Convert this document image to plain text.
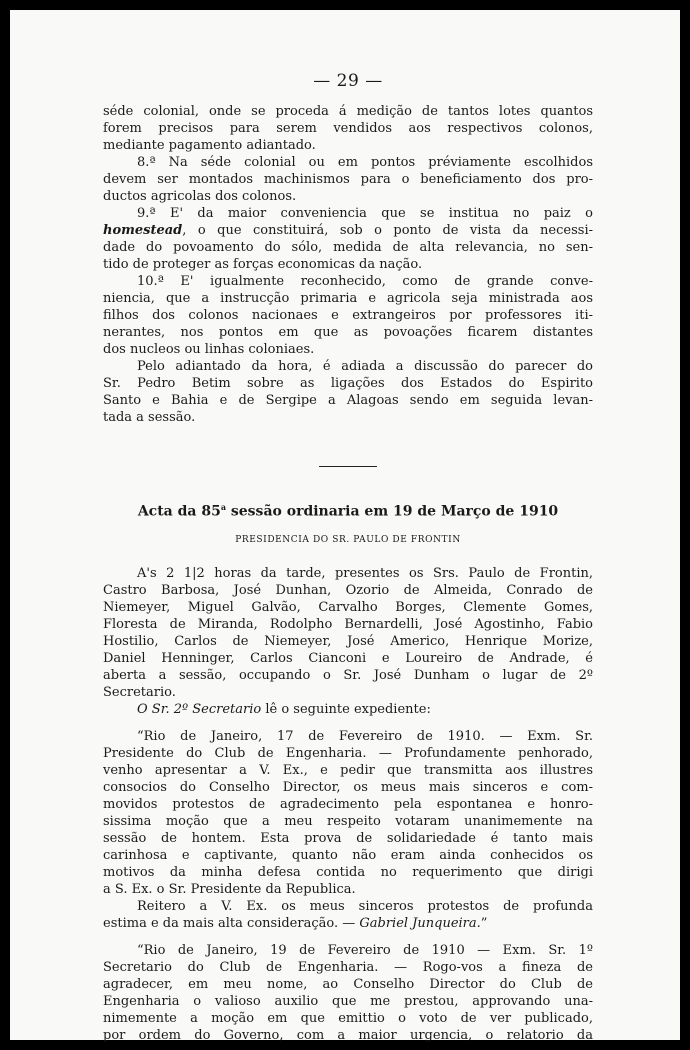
— 29 —
séde colonial, onde se proceda á medição de tantos lotes quantos
forem precisos para serem vendidos aos respectivos colonos,
mediante pagamento adiantado.
8.ª Na séde colonial ou em pontos préviamente escolhidos
devem ser montados machinismos para o beneficiamento dos pro-
ductos agricolas dos colonos.
9.ª E' da maior conveniencia que se institua no paiz o
homestead, o que constituirá, sob o ponto de vista da necessi-
dade do povoamento do sólo, medida de alta relevancia, no sen-
tido de proteger as forças economicas da nação.
10.ª E' igualmente reconhecido, como de grande conve-
niencia, que a instrucção primaria e agricola seja ministrada aos
filhos dos colonos nacionaes e extrangeiros por professores iti-
nerantes, nos pontos em que as povoações ficarem distantes
dos nucleos ou linhas coloniaes.
Pelo adiantado da hora, é adiada a discussão do parecer do
Sr. Pedro Betim sobre as ligações dos Estados do Espirito
Santo e Bahia e de Sergipe a Alagoas sendo em seguida levan-
tada a sessão.
Acta da 85$^a$ sessão ordinaria em 19 de Março de 1910
PRESIDENCIA DO SR. PAULO DE FRONTIN
A's 2 1|2 horas da tarde, presentes os Srs. Paulo de Frontin,
Castro Barbosa, José Dunhan, Ozorio de Almeida, Conrado de
Niemeyer, Miguel Galvão, Carvalho Borges, Clemente Gomes,
Floresta de Miranda, Rodolpho Bernardelli, José Agostinho, Fabio
Hostilio, Carlos de Niemeyer, José Americo, Henrique Morize,
Daniel Henninger, Carlos Cianconi e Loureiro de Andrade, é
aberta a sessão, occupando o Sr. José Dunham o lugar de 2º
Secretario.
O Sr. 2º Secretario lê o seguinte expediente:
“Rio de Janeiro, 17 de Fevereiro de 1910. — Exm. Sr.
Presidente do Club de Engenharia. — Profundamente penhorado,
venho apresentar a V. Ex., e pedir que transmitta aos illustres
consocios do Conselho Director, os meus mais sinceros e com-
movidos protestos de agradecimento pela espontanea e honro-
sissima moção que a meu respeito votaram unanimemente na
sessão de hontem. Esta prova de solidariedade é tanto mais
carinhosa e captivante, quanto não eram ainda conhecidos os
motivos da minha defesa contida no requerimento que dirigi
a S. Ex. o Sr. Presidente da Republica.
Reitero a V. Ex. os meus sinceros protestos de profunda
estima e da mais alta consideração. — Gabriel Junqueira.”
“Rio de Janeiro, 19 de Fevereiro de 1910 — Exm. Sr. 1º
Secretario do Club de Engenharia. — Rogo-vos a fineza de
agradecer, em meu nome, ao Conselho Director do Club de
Engenharia o valioso auxilio que me prestou, approvando una-
nimemente a moção em que emittio o voto de ver publicado,
por ordem do Governo, com a maior urgencia, o relatorio da
